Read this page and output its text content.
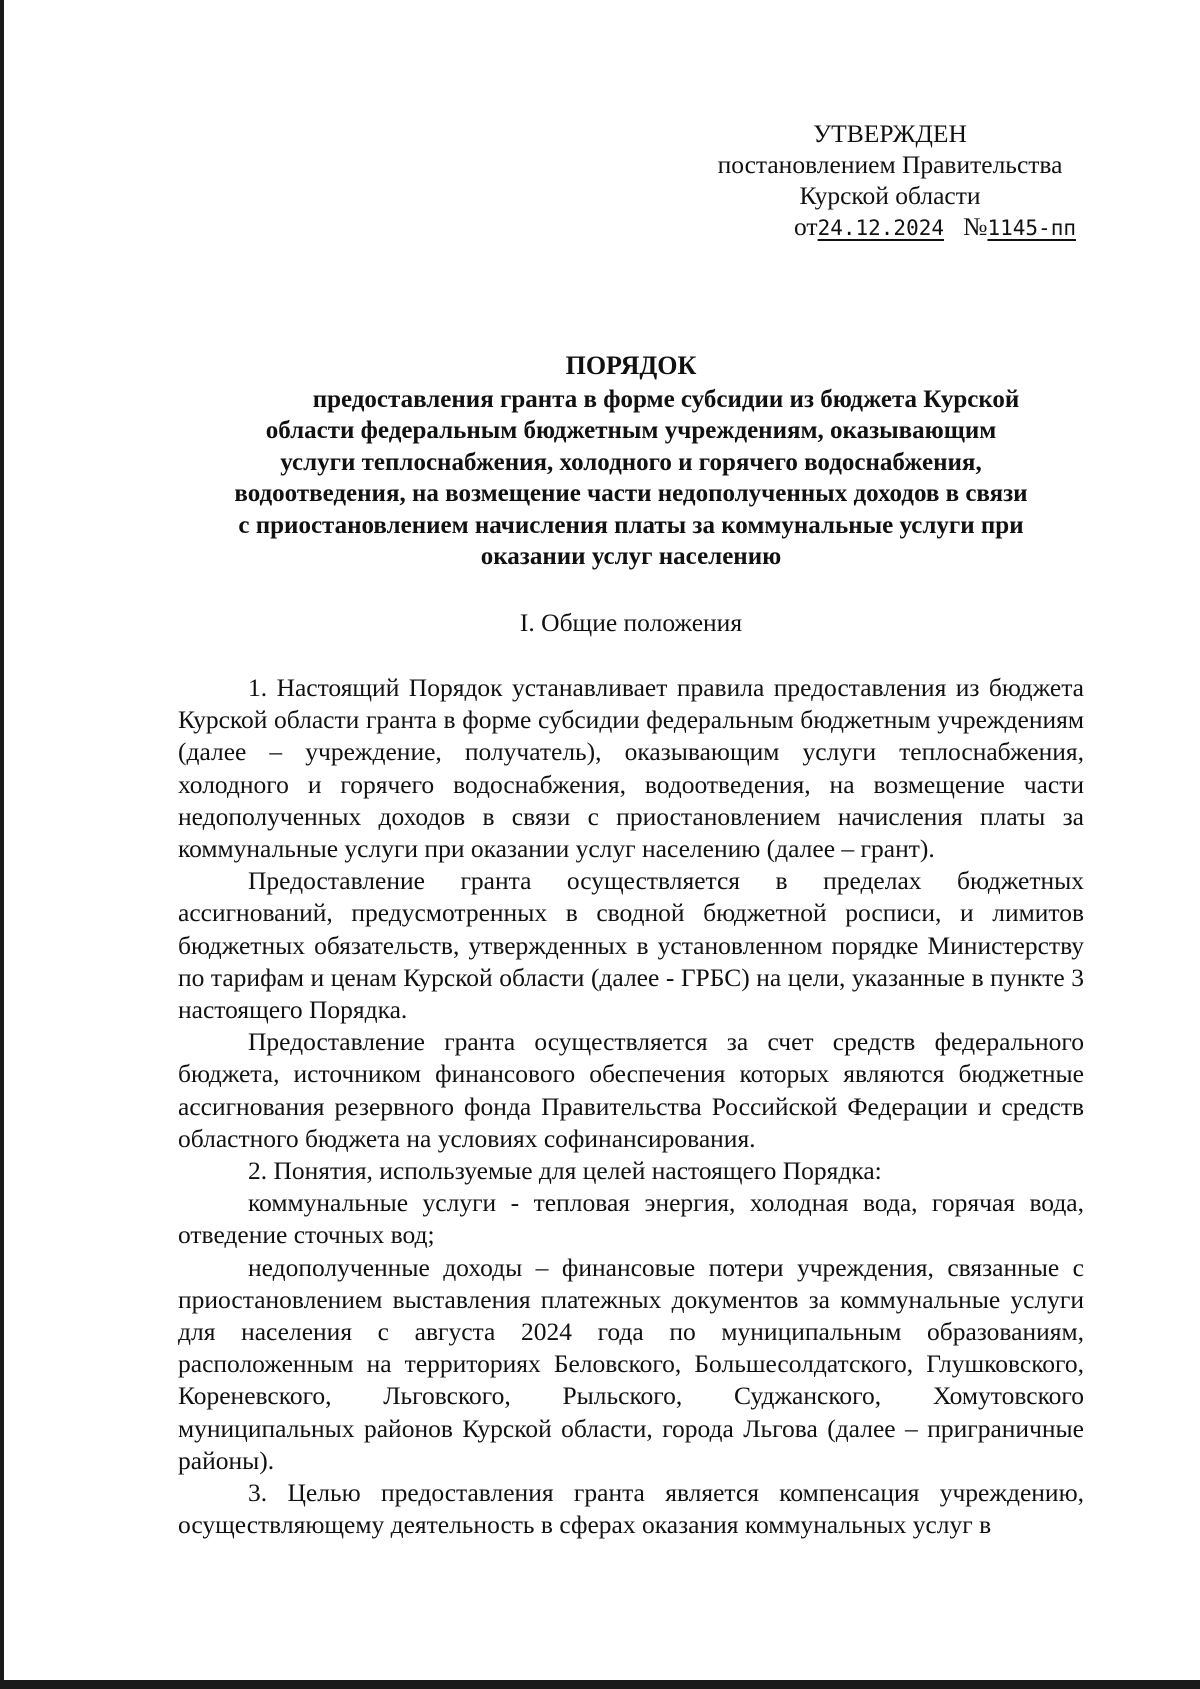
УТВЕРЖДЕН
постановлением Правительства
Курской области
от24.12.2024 №1145-пп
ПОРЯДОК
предоставления гранта в форме субсидии из бюджета Курской
области федеральным бюджетным учреждениям, оказывающим
услуги теплоснабжения, холодного и горячего водоснабжения,
водоотведения, на возмещение части недополученных доходов в связи
с приостановлением начисления платы за коммунальные услуги при
оказании услуг населению
I. Общие положения

1. Настоящий Порядок устанавливает правила предоставления из бюджета Курской области гранта в форме субсидии федеральным бюджетным учреждениям (далее – учреждение, получатель), оказывающим услуги теплоснабжения, холодного и горячего водоснабжения, водоотведения, на возмещение части недополученных доходов в связи с приостановлением начисления платы за коммунальные услуги при оказании услуг населению (далее – грант).

Предоставление гранта осуществляется в пределах бюджетных ассигнований, предусмотренных в сводной бюджетной росписи, и лимитов бюджетных обязательств, утвержденных в установленном порядке Министерству по тарифам и ценам Курской области (далее - ГРБС) на цели, указанные в пункте 3 настоящего Порядка.

Предоставление гранта осуществляется за счет средств федерального бюджета, источником финансового обеспечения которых являются бюджетные ассигнования резервного фонда Правительства Российской Федерации и средств областного бюджета на условиях софинансирования.

2. Понятия, используемые для целей настоящего Порядка:

коммунальные услуги - тепловая энергия, холодная вода, горячая вода, отведение сточных вод;

недополученные доходы – финансовые потери учреждения, связанные с приостановлением выставления платежных документов за коммунальные услуги для населения с августа 2024 года по муниципальным образованиям, расположенным на территориях Беловского, Большесолдатского, Глушковского, Кореневского, Льговского, Рыльского, Суджанского, Хомутовского муниципальных районов Курской области, города Льгова (далее – приграничные районы).

3. Целью предоставления гранта является компенсация учреждению, осуществляющему деятельность в сферах оказания коммунальных услуг в
